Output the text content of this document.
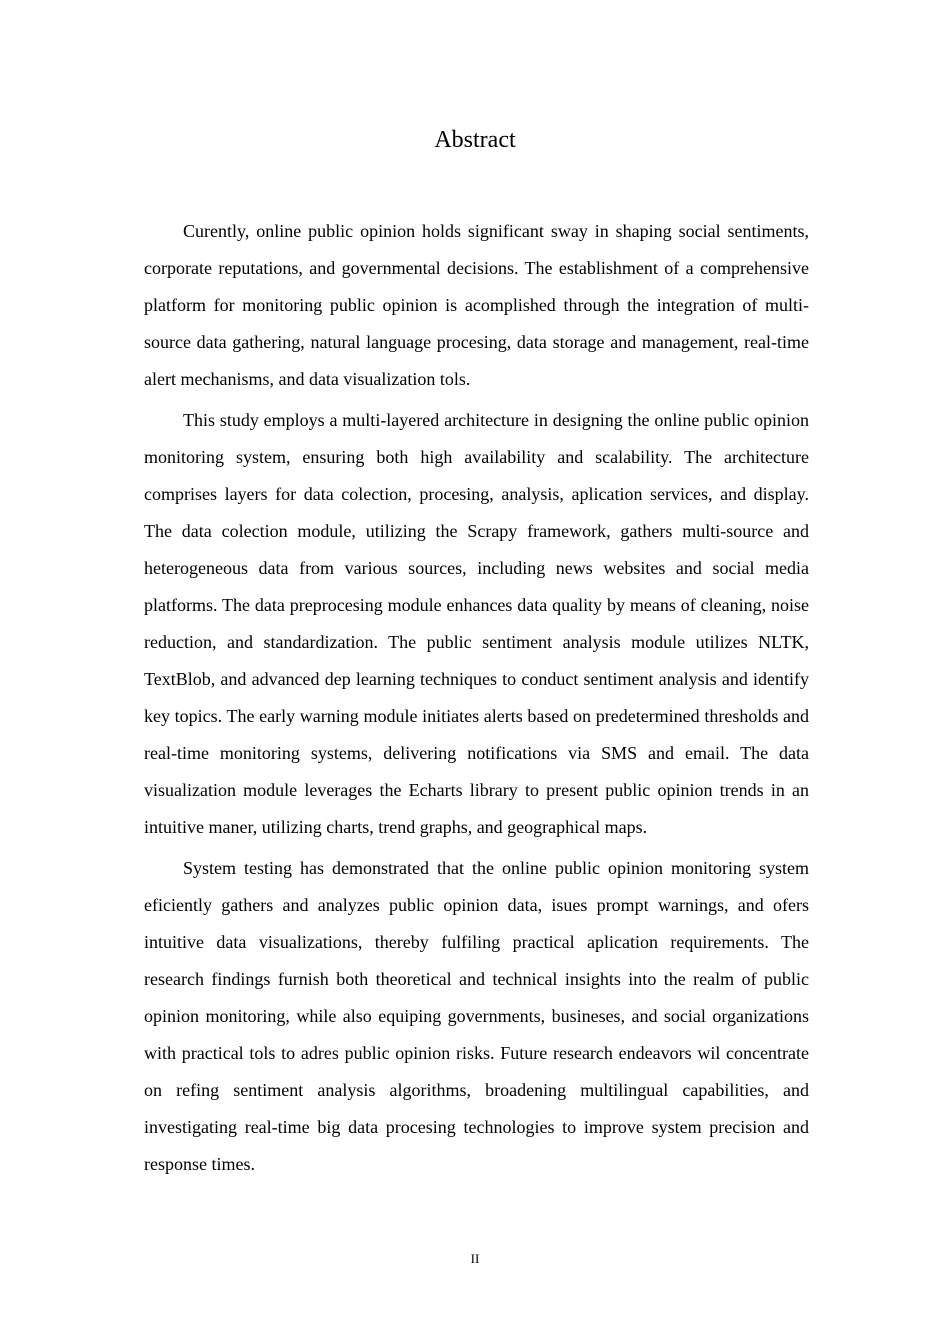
Abstract

Curently, online public opinion holds significant sway in shaping social sentiments, corporate reputations, and governmental decisions. The establishment of a comprehensive platform for monitoring public opinion is acomplished through the integration of multi-source data gathering, natural language procesing, data storage and management, real-time alert mechanisms, and data visualization tols.

This study employs a multi-layered architecture in designing the online public opinion monitoring system, ensuring both high availability and scalability. The architecture comprises layers for data colection, procesing, analysis, aplication services, and display. The data colection module, utilizing the Scrapy framework, gathers multi-source and heterogeneous data from various sources, including news websites and social media platforms. The data preprocesing module enhances data quality by means of cleaning, noise reduction, and standardization. The public sentiment analysis module utilizes NLTK, TextBlob, and advanced dep learning techniques to conduct sentiment analysis and identify key topics. The early warning module initiates alerts based on predetermined thresholds and real-time monitoring systems, delivering notifications via SMS and email. The data visualization module leverages the Echarts library to present public opinion trends in an intuitive maner, utilizing charts, trend graphs, and geographical maps.

System testing has demonstrated that the online public opinion monitoring system eficiently gathers and analyzes public opinion data, isues prompt warnings, and ofers intuitive data visualizations, thereby fulfiling practical aplication requirements. The research findings furnish both theoretical and technical insights into the realm of public opinion monitoring, while also equiping governments, busineses, and social organizations with practical tols to adres public opinion risks. Future research endeavors wil concentrate on refing sentiment analysis algorithms, broadening multilingual capabilities, and investigating real-time big data procesing technologies to improve system precision and response times.

II
